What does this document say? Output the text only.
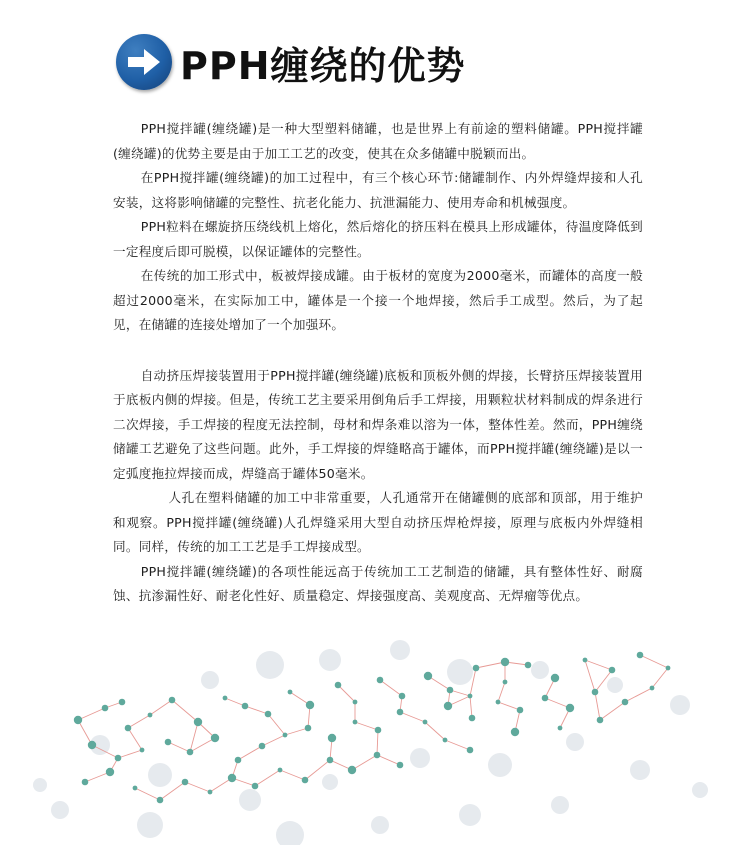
PPH缠绕的优势

PPH搅拌罐(缠绕罐)是一种大型塑料储罐，也是世界上有前途的塑料储罐。PPH搅拌罐(缠绕罐)的优势主要是由于加工工艺的改变，使其在众多储罐中脱颖而出。

在PPH搅拌罐(缠绕罐)的加工过程中，有三个核心环节:储罐制作、内外焊缝焊接和人孔安装，这将影响储罐的完整性、抗老化能力、抗泄漏能力、使用寿命和机械强度。

PPH粒料在螺旋挤压绕线机上熔化，然后熔化的挤压料在模具上形成罐体，待温度降低到一定程度后即可脱模，以保证罐体的完整性。

在传统的加工形式中，板被焊接成罐。由于板材的宽度为2000毫米，而罐体的高度一般超过2000毫米，在实际加工中，罐体是一个接一个地焊接，然后手工成型。然后，为了起见，在储罐的连接处增加了一个加强环。

自动挤压焊接装置用于PPH搅拌罐(缠绕罐)底板和顶板外侧的焊接，长臂挤压焊接装置用于底板内侧的焊接。但是，传统工艺主要采用倒角后手工焊接，用颗粒状材料制成的焊条进行二次焊接，手工焊接的程度无法控制，母材和焊条难以溶为一体，整体性差。然而，PPH缠绕储罐工艺避免了这些问题。此外，手工焊接的焊缝略高于罐体，而PPH搅拌罐(缠绕罐)是以一定弧度拖拉焊接而成，焊缝高于罐体50毫米。

人孔在塑料储罐的加工中非常重要，人孔通常开在储罐侧的底部和顶部，用于维护和观察。PPH搅拌罐(缠绕罐)人孔焊缝采用大型自动挤压焊枪焊接，原理与底板内外焊缝相同。同样，传统的加工工艺是手工焊接成型。

PPH搅拌罐(缠绕罐)的各项性能远高于传统加工工艺制造的储罐，具有整体性好、耐腐蚀、抗渗漏性好、耐老化性好、质量稳定、焊接强度高、美观度高、无焊瘤等优点。
